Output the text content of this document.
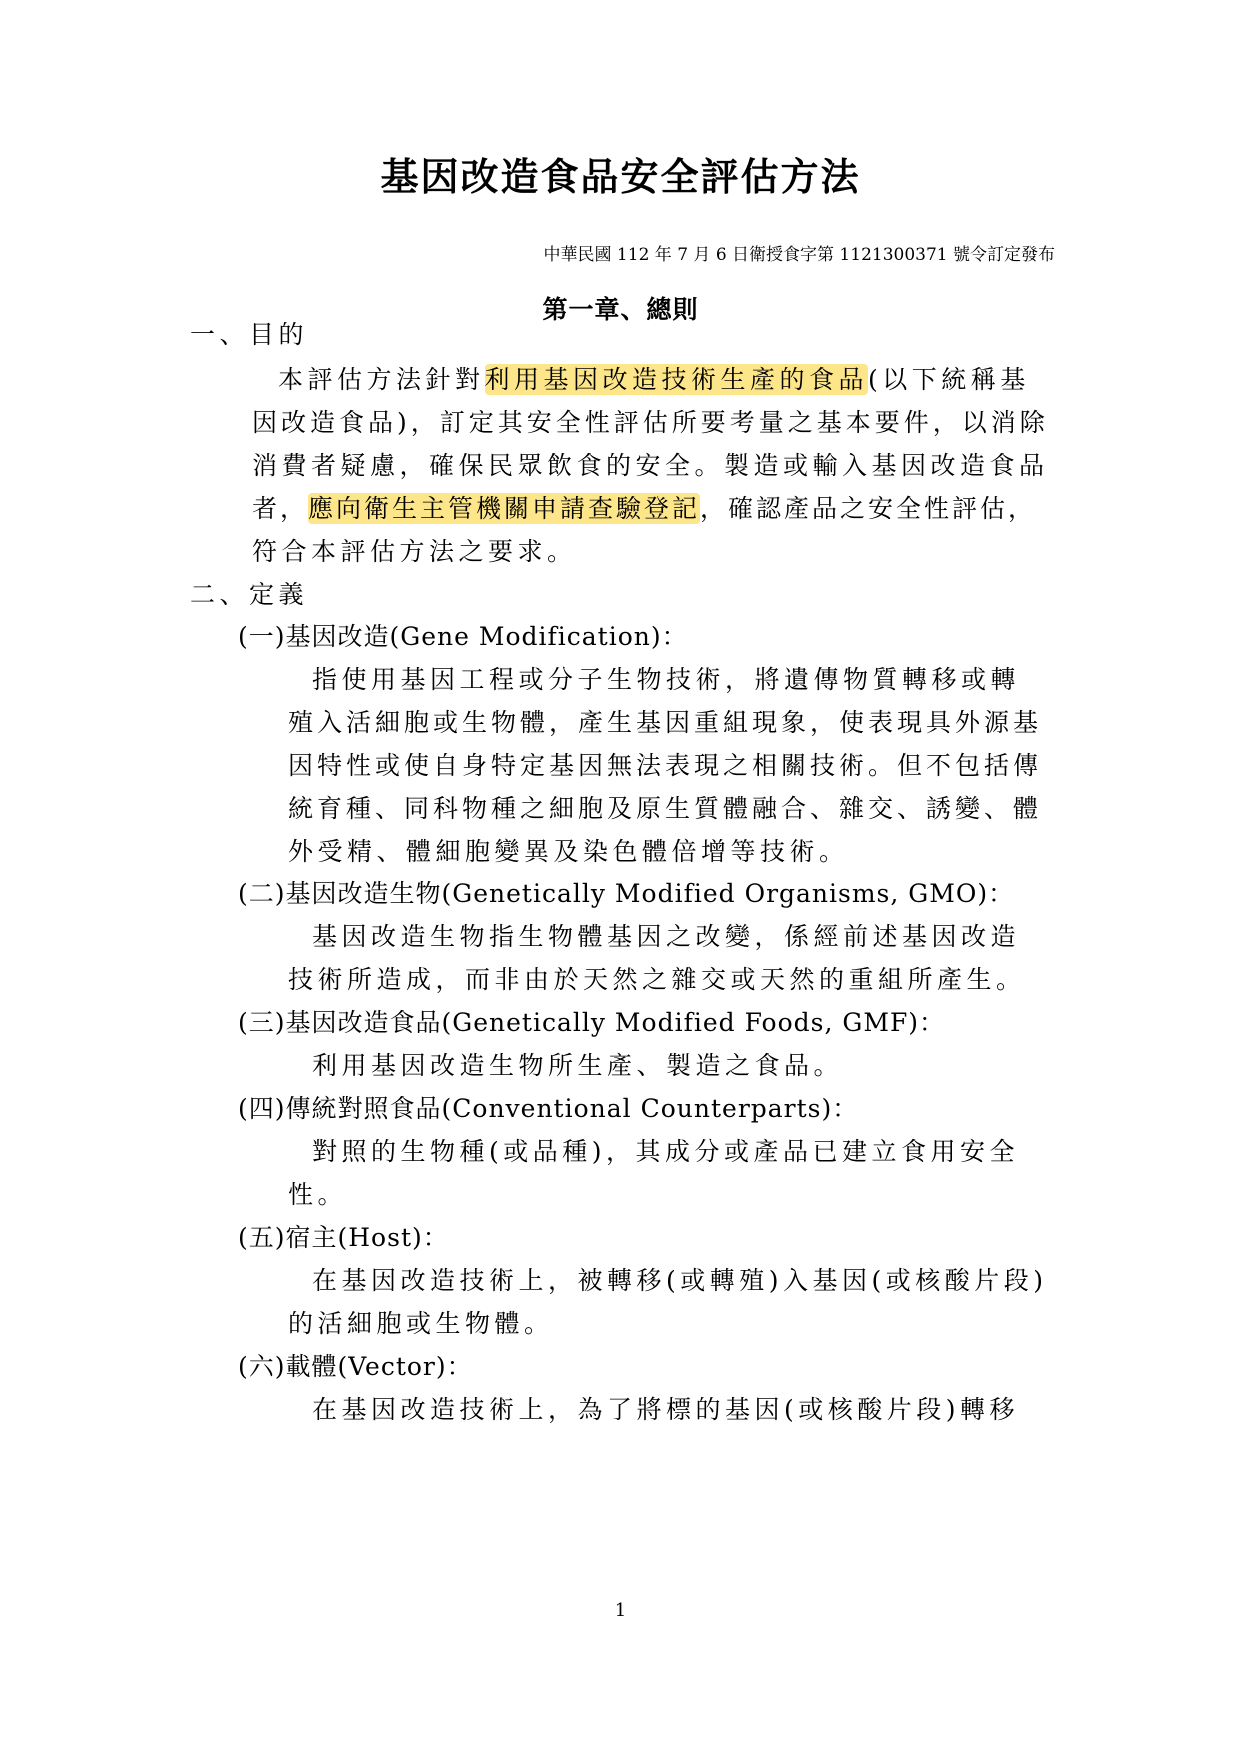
基因改造食品安全評估方法
中華民國 112 年 7 月 6 日衛授食字第 1121300371 號令訂定發布
第一章、總則
一、目的
本評估方法針對利用基因改造技術生產的食品(以下統稱基
因改造食品)，訂定其安全性評估所要考量之基本要件，以消除
消費者疑慮，確保民眾飲食的安全。製造或輸入基因改造食品
者，應向衛生主管機關申請查驗登記，確認產品之安全性評估，
符合本評估方法之要求。
二、定義
(一)基因改造(Gene Modification)：
指使用基因工程或分子生物技術，將遺傳物質轉移或轉
殖入活細胞或生物體，產生基因重組現象，使表現具外源基
因特性或使自身特定基因無法表現之相關技術。但不包括傳
統育種、同科物種之細胞及原生質體融合、雜交、誘變、體
外受精、體細胞變異及染色體倍增等技術。
(二)基因改造生物(Genetically Modified Organisms, GMO)：
基因改造生物指生物體基因之改變，係經前述基因改造
技術所造成，而非由於天然之雜交或天然的重組所產生。
(三)基因改造食品(Genetically Modified Foods, GMF)：
利用基因改造生物所生產、製造之食品。
(四)傳統對照食品(Conventional Counterparts)：
對照的生物種(或品種)，其成分或產品已建立食用安全
性。
(五)宿主(Host)：
在基因改造技術上，被轉移(或轉殖)入基因(或核酸片段)
的活細胞或生物體。
(六)載體(Vector)：
在基因改造技術上，為了將標的基因(或核酸片段)轉移
1
